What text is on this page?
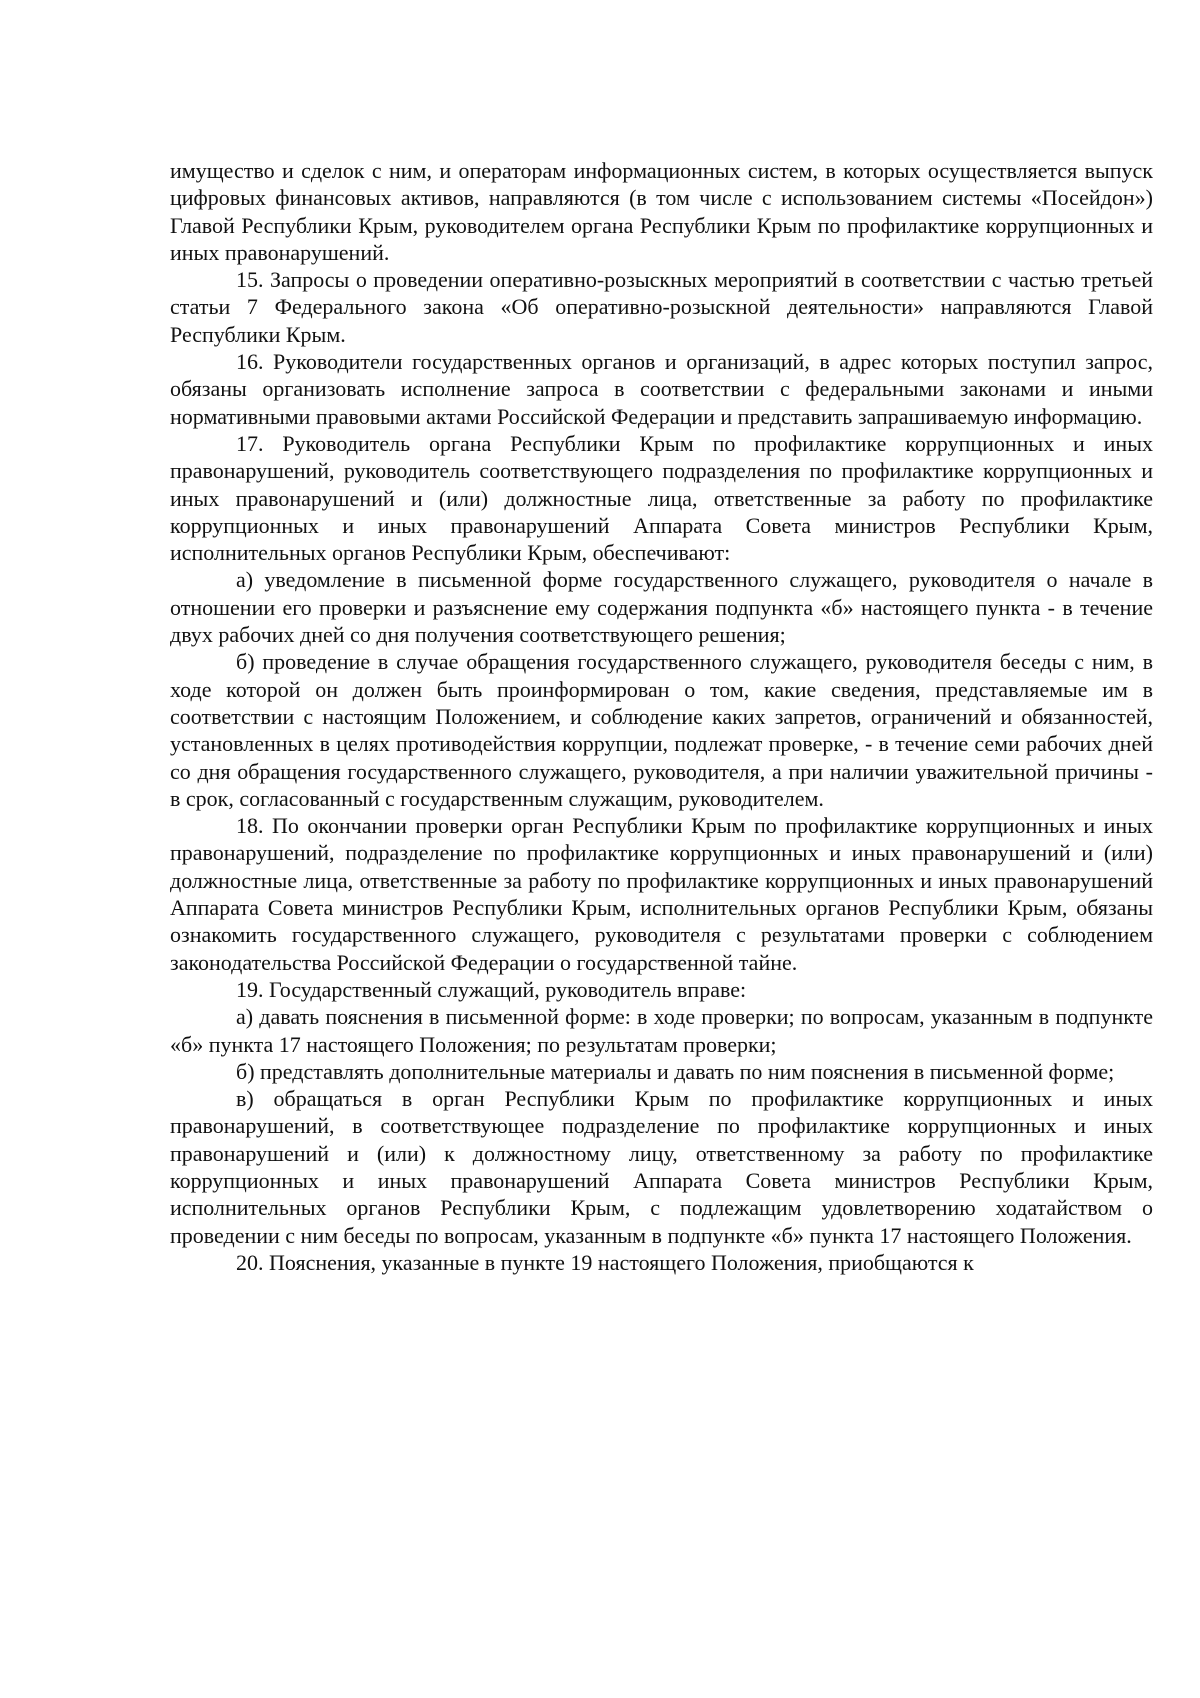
имущество и сделок с ним, и операторам информационных систем, в которых осуществляется выпуск цифровых финансовых активов, направляются (в том числе с использованием системы «Посейдон») Главой Республики Крым, руководителем органа Республики Крым по профилактике коррупционных и иных правонарушений.

15. Запросы о проведении оперативно-розыскных мероприятий в соответствии с частью третьей статьи 7 Федерального закона «Об оперативно-розыскной деятельности» направляются Главой Республики Крым.

16. Руководители государственных органов и организаций, в адрес которых поступил запрос, обязаны организовать исполнение запроса в соответствии с федеральными законами и иными нормативными правовыми актами Российской Федерации и представить запрашиваемую информацию.

17. Руководитель органа Республики Крым по профилактике коррупционных и иных правонарушений, руководитель соответствующего подразделения по профилактике коррупционных и иных правонарушений и (или) должностные лица, ответственные за работу по профилактике коррупционных и иных правонарушений Аппарата Совета министров Республики Крым, исполнительных органов Республики Крым, обеспечивают:

а) уведомление в письменной форме государственного служащего, руководителя о начале в отношении его проверки и разъяснение ему содержания подпункта «б» настоящего пункта - в течение двух рабочих дней со дня получения соответствующего решения;

б) проведение в случае обращения государственного служащего, руководителя беседы с ним, в ходе которой он должен быть проинформирован о том, какие сведения, представляемые им в соответствии с настоящим Положением, и соблюдение каких запретов, ограничений и обязанностей, установленных в целях противодействия коррупции, подлежат проверке, - в течение семи рабочих дней со дня обращения государственного служащего, руководителя, а при наличии уважительной причины - в срок, согласованный с государственным служащим, руководителем.

18. По окончании проверки орган Республики Крым по профилактике коррупционных и иных правонарушений, подразделение по профилактике коррупционных и иных правонарушений и (или) должностные лица, ответственные за работу по профилактике коррупционных и иных правонарушений Аппарата Совета министров Республики Крым, исполнительных органов Республики Крым, обязаны ознакомить государственного служащего, руководителя с результатами проверки с соблюдением законодательства Российской Федерации о государственной тайне.

19. Государственный служащий, руководитель вправе:

а) давать пояснения в письменной форме: в ходе проверки; по вопросам, указанным в подпункте «б» пункта 17 настоящего Положения; по результатам проверки;

б) представлять дополнительные материалы и давать по ним пояснения в письменной форме;

в) обращаться в орган Республики Крым по профилактике коррупционных и иных правонарушений, в соответствующее подразделение по профилактике коррупционных и иных правонарушений и (или) к должностному лицу, ответственному за работу по профилактике коррупционных и иных правонарушений Аппарата Совета министров Республики Крым, исполнительных органов Республики Крым, с подлежащим удовлетворению ходатайством о проведении с ним беседы по вопросам, указанным в подпункте «б» пункта 17 настоящего Положения.

20. Пояснения, указанные в пункте 19 настоящего Положения, приобщаются к
